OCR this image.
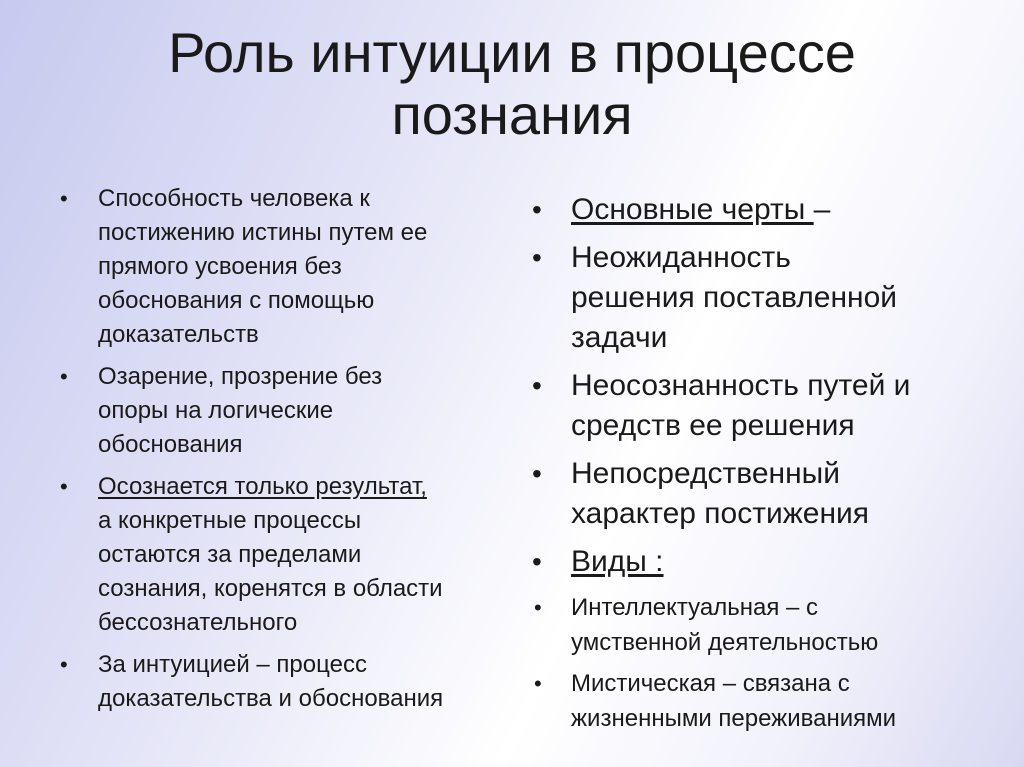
Роль интуиции в процессе
познания
• Способность человека к
постижению истины путем ее
прямого усвоения без
обоснования с помощью
доказательств
• Озарение, прозрение без
опоры на логические
обоснования
• Осознается только результат,
а конкретные процессы
остаются за пределами
сознания, коренятся в области
бессознательного
• За интуицией – процесс
доказательства и обоснования
• Основные черты –
• Неожиданность
решения поставленной
задачи
• Неосознанность путей и
средств ее решения
• Непосредственный
характер постижения
• Виды :
• Интеллектуальная – с
умственной деятельностью
• Мистическая – связана с
жизненными переживаниями
